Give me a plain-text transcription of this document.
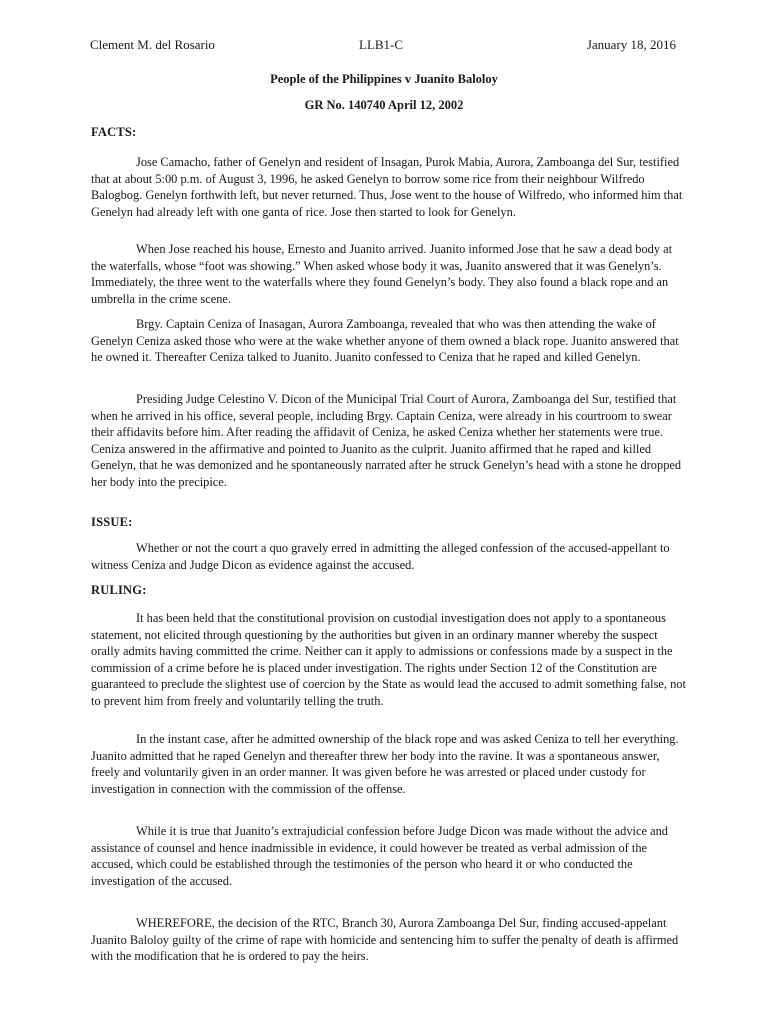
Clement M. del Rosario	LLB1-C	January 18, 2016
People of the Philippines v Juanito Baloloy
GR No. 140740 April 12, 2002
FACTS:

Jose Camacho, father of Genelyn and resident of Insagan, Purok Mabia, Aurora, Zamboanga del Sur, testified that at about 5:00 p.m. of August 3, 1996, he asked Genelyn to borrow some rice from their neighbour Wilfredo Balogbog. Genelyn forthwith left, but never returned. Thus, Jose went to the house of Wilfredo, who informed him that Genelyn had already left with one ganta of rice. Jose then started to look for Genelyn.

When Jose reached his house, Ernesto and Juanito arrived. Juanito informed Jose that he saw a dead body at the waterfalls, whose “foot was showing.” When asked whose body it was, Juanito answered that it was Genelyn’s. Immediately, the three went to the waterfalls where they found Genelyn’s body. They also found a black rope and an umbrella in the crime scene.

Brgy. Captain Ceniza of Inasagan, Aurora Zamboanga, revealed that who was then attending the wake of Genelyn Ceniza asked those who were at the wake whether anyone of them owned a black rope. Juanito answered that he owned it. Thereafter Ceniza talked to Juanito. Juanito confessed to Ceniza that he raped and killed Genelyn.

Presiding Judge Celestino V. Dicon of the Municipal Trial Court of Aurora, Zamboanga del Sur, testified that when he arrived in his office, several people, including Brgy. Captain Ceniza, were already in his courtroom to swear their affidavits before him. After reading the affidavit of Ceniza, he asked Ceniza whether her statements were true. Ceniza answered in the affirmative and pointed to Juanito as the culprit. Juanito affirmed that he raped and killed Genelyn, that he was demonized and he spontaneously narrated after he struck Genelyn’s head with a stone he dropped her body into the precipice.

ISSUE:

Whether or not the court a quo gravely erred in admitting the alleged confession of the accused-appellant to witness Ceniza and Judge Dicon as evidence against the accused.

RULING:

It has been held that the constitutional provision on custodial investigation does not apply to a spontaneous statement, not elicited through questioning by the authorities but given in an ordinary manner whereby the suspect orally admits having committed the crime. Neither can it apply to admissions or confessions made by a suspect in the commission of a crime before he is placed under investigation. The rights under Section 12 of the Constitution are guaranteed to preclude the slightest use of coercion by the State as would lead the accused to admit something false, not to prevent him from freely and voluntarily telling the truth.

In the instant case, after he admitted ownership of the black rope and was asked Ceniza to tell her everything. Juanito admitted that he raped Genelyn and thereafter threw her body into the ravine. It was a spontaneous answer, freely and voluntarily given in an order manner. It was given before he was arrested or placed under custody for investigation in connection with the commission of the offense.

While it is true that Juanito’s extrajudicial confession before Judge Dicon was made without the advice and assistance of counsel and hence inadmissible in evidence, it could however be treated as verbal admission of the accused, which could be established through the testimonies of the person who heard it or who conducted the investigation of the accused.

WHEREFORE, the decision of the RTC, Branch 30, Aurora Zamboanga Del Sur, finding accused-appelant Juanito Baloloy guilty of the crime of rape with homicide and sentencing him to suffer the penalty of death is affirmed with the modification that he is ordered to pay the heirs.
